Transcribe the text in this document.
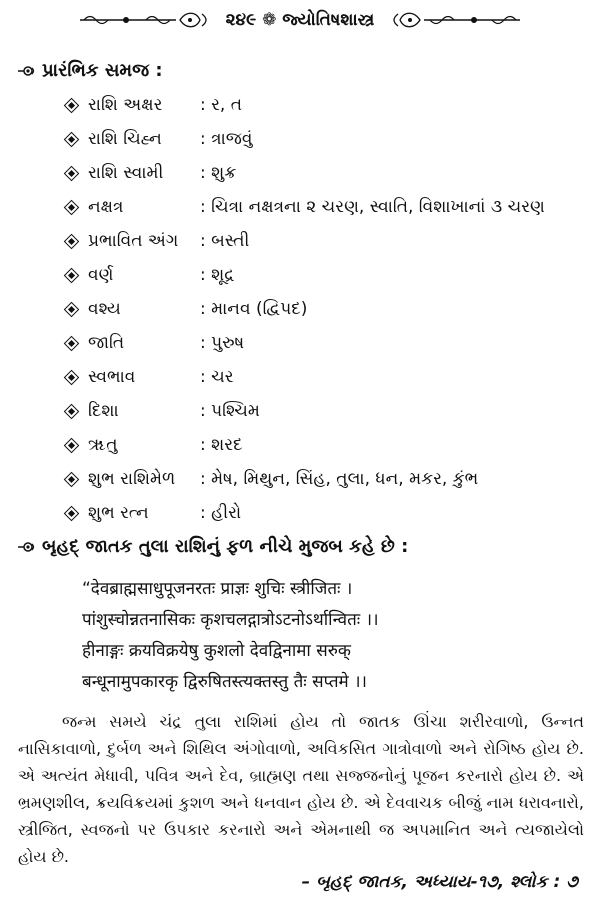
૨૪૯ ❁ જ્યોતિષશાસ્ત્ર
પ્રારંભિક સમજ :
રાશિ અક્ષર : ર, ત
રાશિ ચિહ્ન : ત્રાજવું
રાશિ સ્વામી : શુક્ર
નક્ષત્ર	: ચિત્રા નક્ષત્રના ૨ ચરણ, સ્વાતિ, વિશાખાનાં ૩ ચરણ
પ્રભાવિત અંગ : બસ્તી
વર્ણ	: શૂદ્ર
વશ્ય	: માનવ (દ્વિપદ)
જાતિ	: પુરુષ
સ્વભાવ	: ચર
દિશા	: પશ્ચિમ
ૠતુ	: શરદ
શુભ રાશિમેળ : મેષ, મિથુન, સિંહ, તુલા, ધન, મકર, કુંભ
શુભ રત્ન	: હીરો
બૃહદ્ જાતક તુલા રાશિનું ફળ નીચે મુજબ કહે છે :
“देवब्राह्मसाधुपूजनरतः प्राज्ञः शुचिः स्त्रीजितः ।
पांशुस्चोन्नतनासिकः कृशचलद्गात्रोऽटनोऽर्थान्वितः ।।
हीनाङ्गः क्रयविक्रयेषु कुशलो देवद्विनामा सरुक्
बन्धूनामुपकारकृ द्विरुषितस्त्यक्तस्तु तैः सप्तमे ।।
જન્મ સમયે ચંદ્ર તુલા રાશિમાં હોય તો જાતક ઊંચા શરીરવાળો, ઉન્નત નાસિકાવાળો, દુર્બળ અને શિથિલ અંગોવાળો, અવિકસિત ગાત્રોવાળો અને રોગિષ્ઠ હોય છે. એ અત્યંત મેધાવી, પવિત્ર અને દેવ, બ્રાહ્મણ તથા સજ્જનોનું પૂજન કરનારો હોય છે. એ ભ્રમણશીલ, ક્રયવિક્રયમાં કુશળ અને ધનવાન હોય છે. એ દેવવાચક બીજું નામ ધરાવનારો, સ્ત્રીજિત, સ્વજનો પર ઉપકાર કરનારો અને એમનાથી જ અપમાનિત અને ત્યજાયેલો હોય છે.
– બૃહદ્ જાતક, અધ્યાય-૧૭, શ્લોક : ૭
